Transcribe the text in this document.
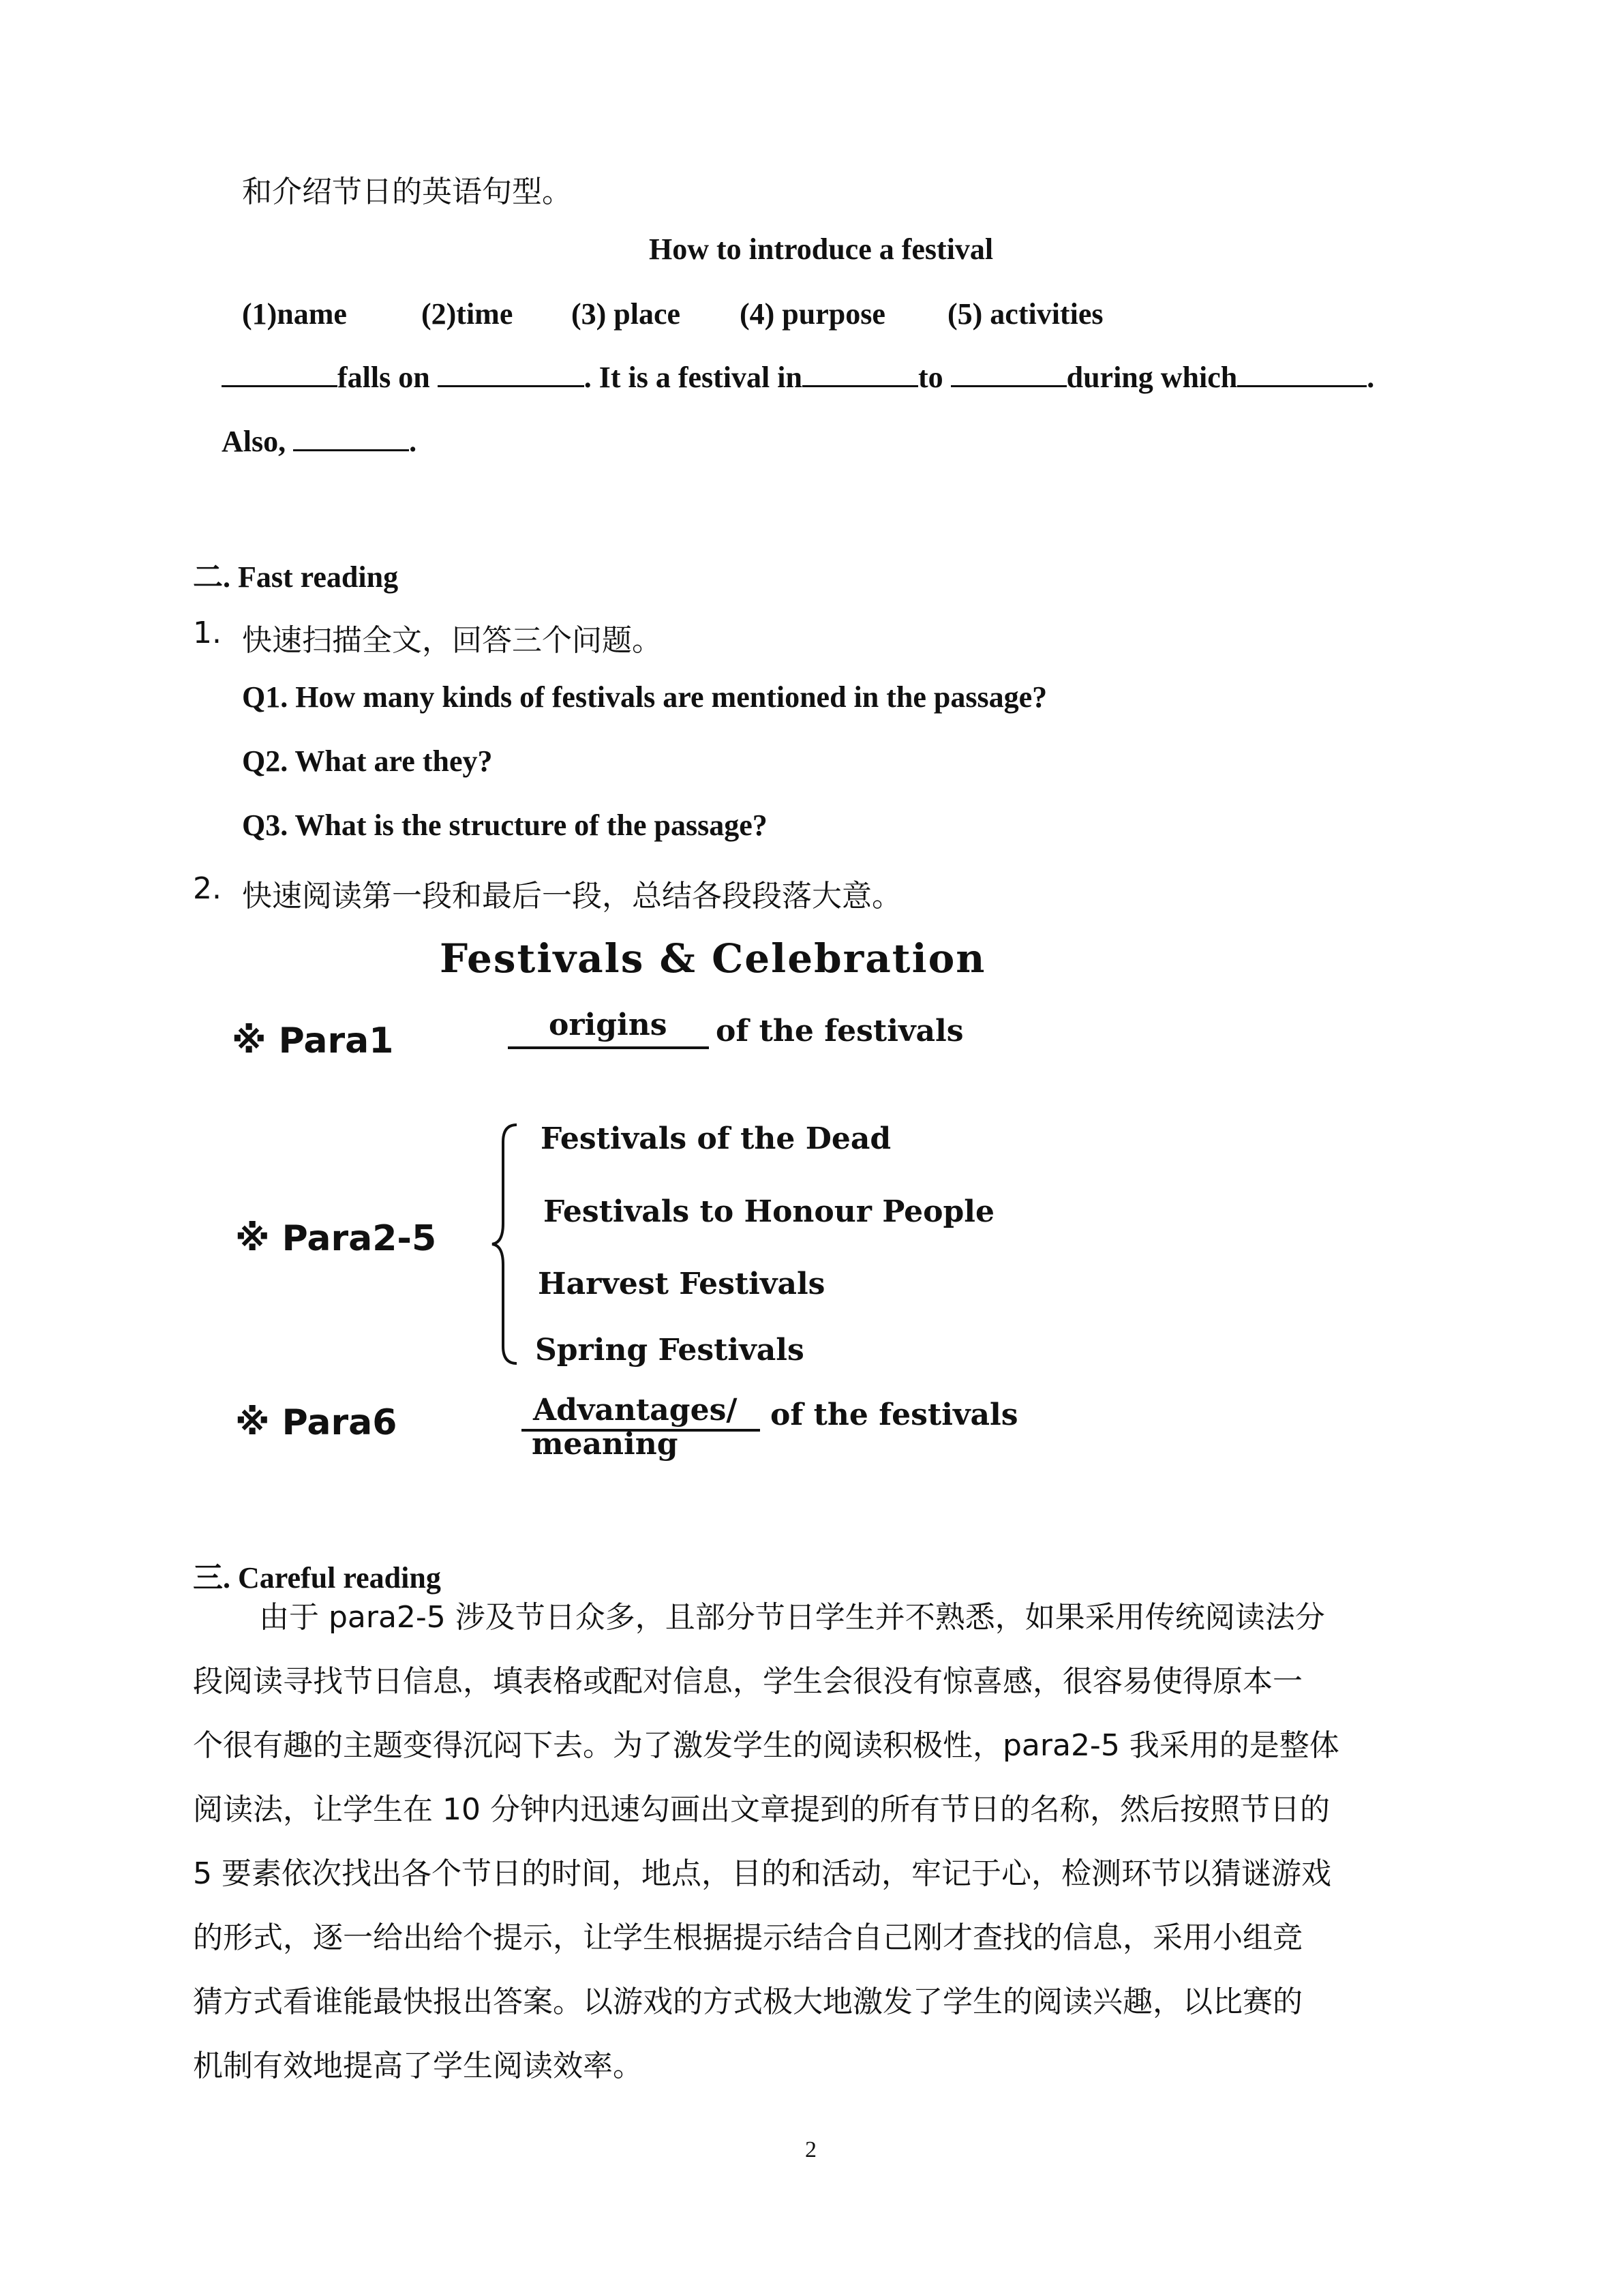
和介绍节日的英语句型。
How to introduce a festival
(1)name (2)time (3) place (4) purpose (5) activities
falls on	. It is a festival in	to	during which	.
Also,	.
二. Fast reading
1. 快速扫描全文，回答三个问题。
Q1. How many kinds of festivals are mentioned in the passage?
Q2. What are they?
Q3. What is the structure of the passage?
2. 快速阅读第一段和最后一段，总结各段段落大意。
Festivals & Celebration
※ Para1	origins of the festivals
※ Para2-5
Festivals of the Dead
Festivals to Honour People
Harvest Festivals
Spring Festivals
※ Para6	Advantages/
meaning
of the festivals
三. Careful reading
由于 para2-5 涉及节日众多，且部分节日学生并不熟悉，如果采用传统阅读法分
段阅读寻找节日信息，填表格或配对信息，学生会很没有惊喜感，很容易使得原本一
个很有趣的主题变得沉闷下去。为了激发学生的阅读积极性，para2-5 我采用的是整体
阅读法，让学生在 10 分钟内迅速勾画出文章提到的所有节日的名称，然后按照节日的
5 要素依次找出各个节日的时间，地点，目的和活动，牢记于心，检测环节以猜谜游戏
的形式，逐一给出给个提示，让学生根据提示结合自己刚才查找的信息，采用小组竞
猜方式看谁能最快报出答案。以游戏的方式极大地激发了学生的阅读兴趣，以比赛的
机制有效地提高了学生阅读效率。
2
